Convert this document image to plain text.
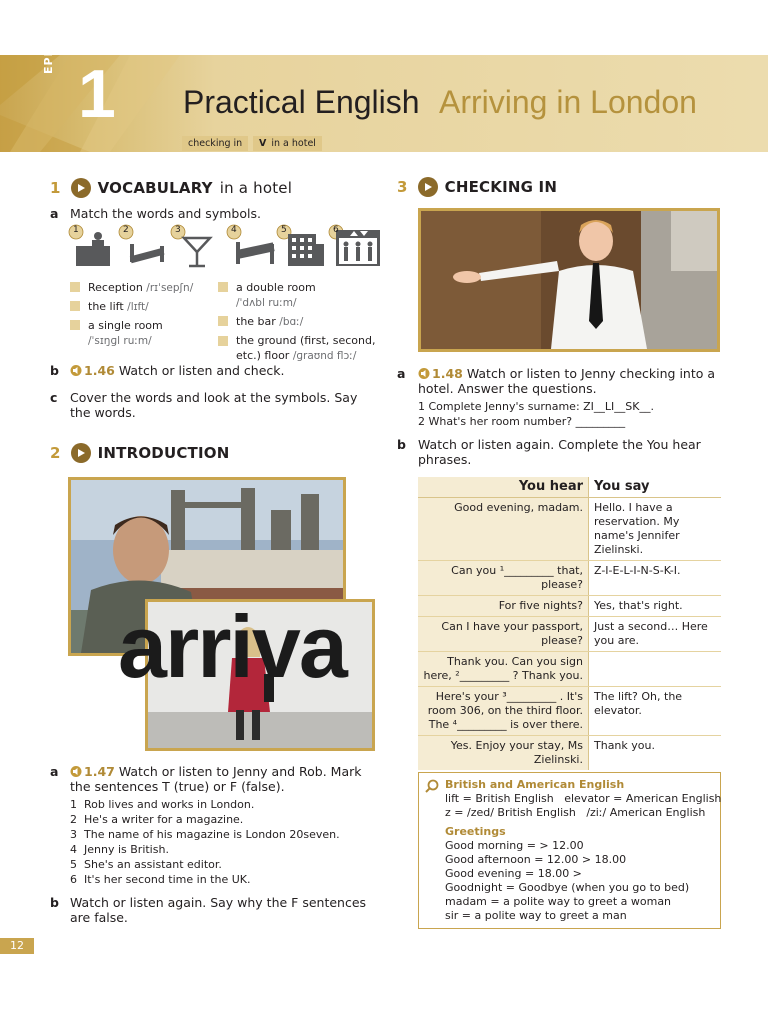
EPISODE
1 Practical English Arriving in London
checking in	V in a hotel
1 VOCABULARY in a hotel
a Match the words and symbols.
1	2	3	4	5	6
Reception /rɪˈsepʃn/
the lift /lɪft/
a single room
/ˈsɪŋɡl ruːm/
a double room
/ˈdʌbl ruːm/
the bar /bɑː/
the ground (first, second, etc.) floor /ɡraʊnd flɔː/
b	1.46 Watch or listen and check.
c Cover the words and look at the symbols. Say the words.
2 INTRODUCTION
arriva
a	1.47 Watch or listen to Jenny and Rob. Mark
the sentences T (true) or F (false).
1  Rob lives and works in London.
2  He's a writer for a magazine.
3  The name of his magazine is London 20seven.
4  Jenny is British.
5  She's an assistant editor.
6  It's her second time in the UK.
b Watch or listen again. Say why the F sentences are false.
3 CHECKING IN
a	1.48 Watch or listen to Jenny checking into a hotel. Answer the questions.
1 Complete Jenny's surname: ZI__LI__SK__.
2 What's her room number? _________
b Watch or listen again. Complete the You hear phrases.
You hear	You say
Good evening, madam.	Hello. I have a reservation. My name's Jennifer Zielinski.
Can you ¹_________ that, please?	Z-I-E-L-I-N-S-K-I.
For five nights?	Yes, that's right.
Can I have your passport, please?	Just a second… Here you are.
Thank you. Can you sign here, ²_________ ? Thank you.	
Here's your ³_________ . It's room 306, on the third floor. The ⁴_________ is over there.	The lift? Oh, the elevator.
Yes. Enjoy your stay, Ms Zielinski.	Thank you.
British and American English
lift = British English   elevator = American English
z = /zed/ British English   /ziː/ American English
Greetings
Good morning = > 12.00
Good afternoon = 12.00 > 18.00
Good evening = 18.00 >
Goodnight = Goodbye (when you go to bed)
madam = a polite way to greet a woman
sir = a polite way to greet a man
12
